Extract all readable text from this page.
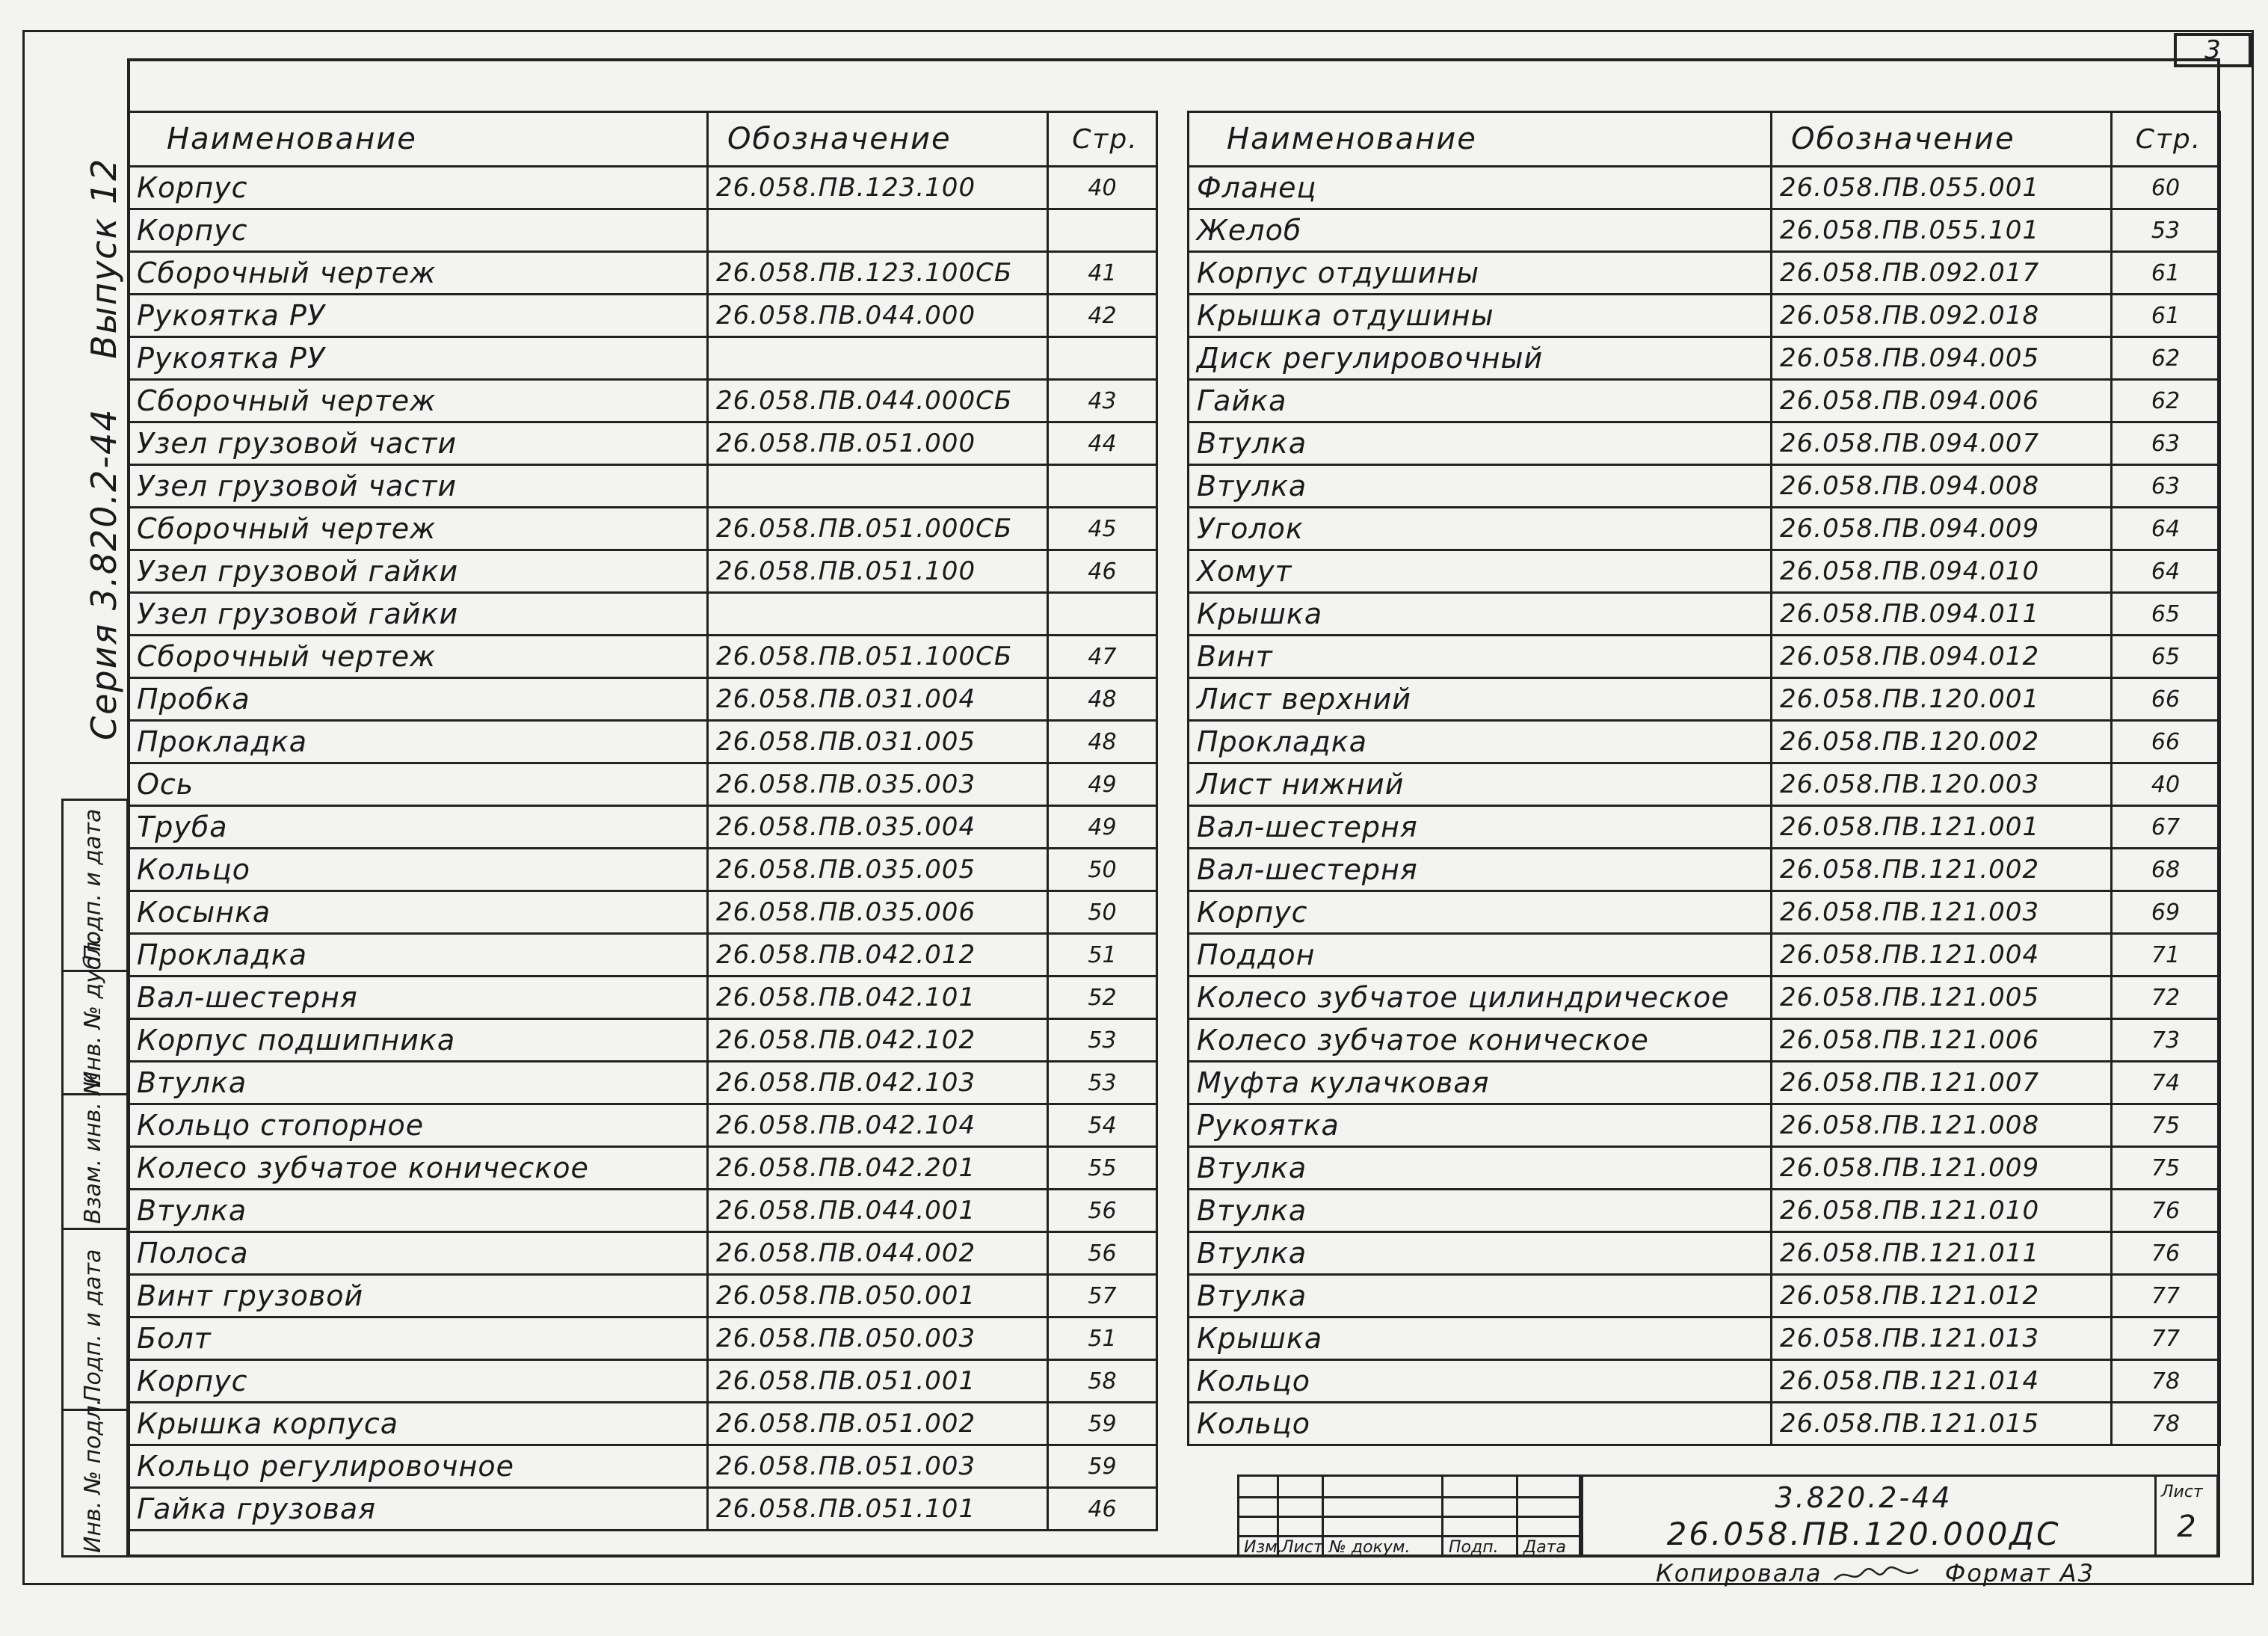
3
Выпуск 12
Серия 3.820.2-44
Подп. и дата
Инв. № дубл.
Взам. инв. №
Подп. и дата
Инв. № подл.
Наименование	Обозначение	Стр.
Корпус	26.058.ПВ.123.100	40
Корпус		
Сборочный чертеж	26.058.ПВ.123.100СБ	41
Рукоятка РУ	26.058.ПВ.044.000	42
Рукоятка РУ		
Сборочный чертеж	26.058.ПВ.044.000СБ	43
Узел грузовой части	26.058.ПВ.051.000	44
Узел грузовой части		
Сборочный чертеж	26.058.ПВ.051.000СБ	45
Узел грузовой гайки	26.058.ПВ.051.100	46
Узел грузовой гайки		
Сборочный чертеж	26.058.ПВ.051.100СБ	47
Пробка	26.058.ПВ.031.004	48
Прокладка	26.058.ПВ.031.005	48
Ось	26.058.ПВ.035.003	49
Труба	26.058.ПВ.035.004	49
Кольцо	26.058.ПВ.035.005	50
Косынка	26.058.ПВ.035.006	50
Прокладка	26.058.ПВ.042.012	51
Вал-шестерня	26.058.ПВ.042.101	52
Корпус подшипника	26.058.ПВ.042.102	53
Втулка	26.058.ПВ.042.103	53
Кольцо стопорное	26.058.ПВ.042.104	54
Колесо зубчатое коническое	26.058.ПВ.042.201	55
Втулка	26.058.ПВ.044.001	56
Полоса	26.058.ПВ.044.002	56
Винт грузовой	26.058.ПВ.050.001	57
Болт	26.058.ПВ.050.003	51
Корпус	26.058.ПВ.051.001	58
Крышка корпуса	26.058.ПВ.051.002	59
Кольцо регулировочное	26.058.ПВ.051.003	59
Гайка грузовая	26.058.ПВ.051.101	46
Наименование	Обозначение	Стр.
Фланец	26.058.ПВ.055.001	60
Желоб	26.058.ПВ.055.101	53
Корпус отдушины	26.058.ПВ.092.017	61
Крышка отдушины	26.058.ПВ.092.018	61
Диск регулировочный	26.058.ПВ.094.005	62
Гайка	26.058.ПВ.094.006	62
Втулка	26.058.ПВ.094.007	63
Втулка	26.058.ПВ.094.008	63
Уголок	26.058.ПВ.094.009	64
Хомут	26.058.ПВ.094.010	64
Крышка	26.058.ПВ.094.011	65
Винт	26.058.ПВ.094.012	65
Лист верхний	26.058.ПВ.120.001	66
Прокладка	26.058.ПВ.120.002	66
Лист нижний	26.058.ПВ.120.003	40
Вал-шестерня	26.058.ПВ.121.001	67
Вал-шестерня	26.058.ПВ.121.002	68
Корпус	26.058.ПВ.121.003	69
Поддон	26.058.ПВ.121.004	71
Колесо зубчатое цилиндрическое	26.058.ПВ.121.005	72
Колесо зубчатое коническое	26.058.ПВ.121.006	73
Муфта кулачковая	26.058.ПВ.121.007	74
Рукоятка	26.058.ПВ.121.008	75
Втулка	26.058.ПВ.121.009	75
Втулка	26.058.ПВ.121.010	76
Втулка	26.058.ПВ.121.011	76
Втулка	26.058.ПВ.121.012	77
Крышка	26.058.ПВ.121.013	77
Кольцо	26.058.ПВ.121.014	78
Кольцо	26.058.ПВ.121.015	78
Изм.
Лист № докум. Подп. Дата
3.820.2-44
26.058.ПВ.120.000ДС
Лист
2
Копировала	Формат А3
